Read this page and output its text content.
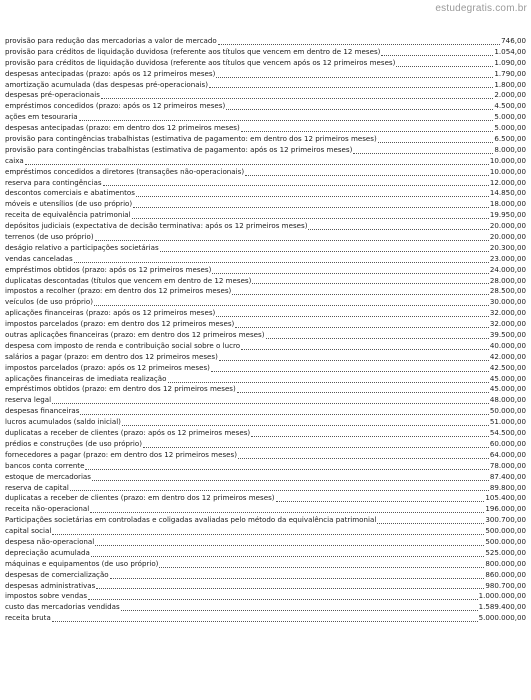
estudegratis.com.br
provisão para redução das mercadorias a valor de mercado	746,00
provisão para créditos de liquidação duvidosa (referente aos títulos que vencem em dentro de 12 meses)	1.054,00
provisão para créditos de liquidação duvidosa (referente aos títulos que vencem após os 12 primeiros meses)	1.090,00
despesas antecipadas (prazo: após os 12 primeiros meses)	1.790,00
amortização acumulada (das despesas pré-operacionais)	1.800,00
despesas pré-operacionais	2.000,00
empréstimos concedidos (prazo: após os 12 primeiros meses)	4.500,00
ações em tesouraria	5.000,00
despesas antecipadas (prazo: em dentro dos 12 primeiros meses)	5.000,00
provisão para contingências trabalhistas (estimativa de pagamento: em dentro dos 12 primeiros meses)	6.500,00
provisão para contingências trabalhistas (estimativa de pagamento: após os 12 primeiros meses)	8.000,00
caixa	10.000,00
empréstimos concedidos a diretores (transações não-operacionais)	10.000,00
reserva para contingências	12.000,00
descontos comerciais e abatimentos	14.850,00
móveis e utensílios (de uso próprio)	18.000,00
receita de equivalência patrimonial	19.950,00
depósitos judiciais (expectativa de decisão terminativa: após os 12 primeiros meses)	20.000,00
terrenos (de uso próprio)	20.000,00
deságio relativo a participações societárias	20.300,00
vendas canceladas	23.000,00
empréstimos obtidos (prazo: após os 12 primeiros meses)	24.000,00
duplicatas descontadas (títulos que vencem em dentro de 12 meses)	28.000,00
impostos a recolher (prazo: em dentro dos 12 primeiros meses)	28.500,00
veículos (de uso próprio)	30.000,00
aplicações financeiras (prazo: após os 12 primeiros meses)	32.000,00
impostos parcelados (prazo: em dentro dos 12 primeiros meses)	32.000,00
outras aplicações financeiras (prazo: em dentro dos 12 primeiros meses)	39.500,00
despesa com imposto de renda e contribuição social sobre o lucro	40.000,00
salários a pagar (prazo: em dentro dos 12 primeiros meses)	42.000,00
impostos parcelados (prazo: após os 12 primeiros meses)	42.500,00
aplicações financeiras de imediata realização	45.000,00
empréstimos obtidos (prazo: em dentro dos 12 primeiros meses)	45.000,00
reserva legal	48.000,00
despesas financeiras	50.000,00
lucros acumulados (saldo inicial)	51.000,00
duplicatas a receber de clientes (prazo: após os 12 primeiros meses)	54.500,00
prédios e construções (de uso próprio)	60.000,00
fornecedores a pagar (prazo: em dentro dos 12 primeiros meses)	64.000,00
bancos conta corrente	78.000,00
estoque de mercadorias	87.400,00
reserva de capital	89.800,00
duplicatas a receber de clientes (prazo: em dentro dos 12 primeiros meses)	105.400,00
receita não-operacional	196.000,00
Participações societárias em controladas e coligadas avaliadas pelo método da equivalência patrimonial	300.700,00
capital social	500.000,00
despesa não-operacional	500.000,00
depreciação acumulada	525.000,00
máquinas e equipamentos (de uso próprio)	800.000,00
despesas de comercialização	860.000,00
despesas administrativas	980.700,00
impostos sobre vendas	1.000.000,00
custo das mercadorias vendidas	1.589.400,00
receita bruta	5.000.000,00
